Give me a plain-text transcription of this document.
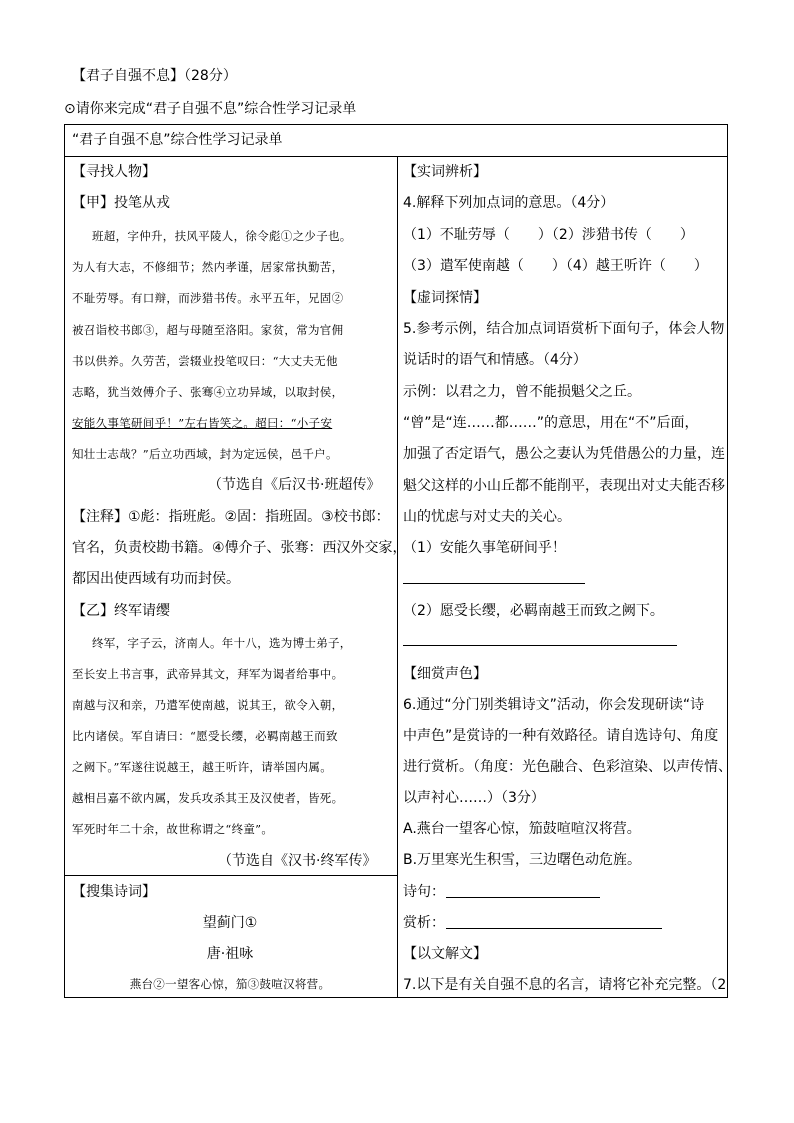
【君子自强不息】（28分）
⊙请你来完成“君子自强不息”综合性学习记录单
“君子自强不息”综合性学习记录单
【寻找人物】
【甲】投笔从戎
班超，字仲升，扶风平陵人，徐令彪①之少子也。
为人有大志，不修细节；然内孝谨，居家常执勤苦，
不耻劳辱。有口辩，而涉猎书传。永平五年，兄固②
被召诣校书郎③，超与母随至洛阳。家贫，常为官佣
书以供养。久劳苦，尝辍业投笔叹曰：“大丈夫无他
志略，犹当效傅介子、张骞④立功异域，以取封侯，
安能久事笔研间乎！”左右皆笑之。超曰：“小子安
知壮士志哉？”后立功西域，封为定远侯，邑千户。
（节选自《后汉书·班超传》
【注释】①彪：指班彪。②固：指班固。③校书郎：
官名，负责校勘书籍。④傅介子、张骞：西汉外交家，
都因出使西域有功而封侯。
【乙】终军请缨
终军，字子云，济南人。年十八，选为博士弟子，
至长安上书言事，武帝异其文，拜军为谒者给事中。
南越与汉和亲，乃遣军使南越，说其王，欲令入朝，
比内诸侯。军自请曰：“愿受长缨，必羁南越王而致
之阙下。”军遂往说越王，越王听许，请举国内属。
越相吕嘉不欲内属，发兵攻杀其王及汉使者，皆死。
军死时年二十余，故世称谓之“终童”。
（节选自《汉书·终军传》
【搜集诗词】
望蓟门①
唐·祖咏
燕台②一望客心惊，笳③鼓喧汉将营。
【实词辨析】
4.解释下列加点词的意思。（4分）
（1）不耻劳辱（　　）（2）涉猎书传（　　）
（3）遣军使南越（　　）（4）越王听许（　　）
【虚词探情】
5.参考示例，结合加点词语赏析下面句子，体会人物
说话时的语气和情感。（4分）
示例：以君之力，曾不能损魁父之丘。
“曾”是“连……都……”的意思，用在“不”后面，
加强了否定语气，愚公之妻认为凭借愚公的力量，连
魁父这样的小山丘都不能削平，表现出对丈夫能否移
山的忧虑与对丈夫的关心。
（1）安能久事笔研间乎！
（2）愿受长缨，必羁南越王而致之阙下。
【细赏声色】
6.通过“分门别类辑诗文”活动，你会发现研读“诗
中声色”是赏诗的一种有效路径。请自选诗句、角度
进行赏析。（角度：光色融合、色彩渲染、以声传情、
以声衬心……）（3分）
A.燕台一望客心惊，笳鼓喧喧汉将营。
B.万里寒光生积雪，三边曙色动危旌。
诗句：
赏析：
【以文解文】
7.以下是有关自强不息的名言，请将它补充完整。（2
